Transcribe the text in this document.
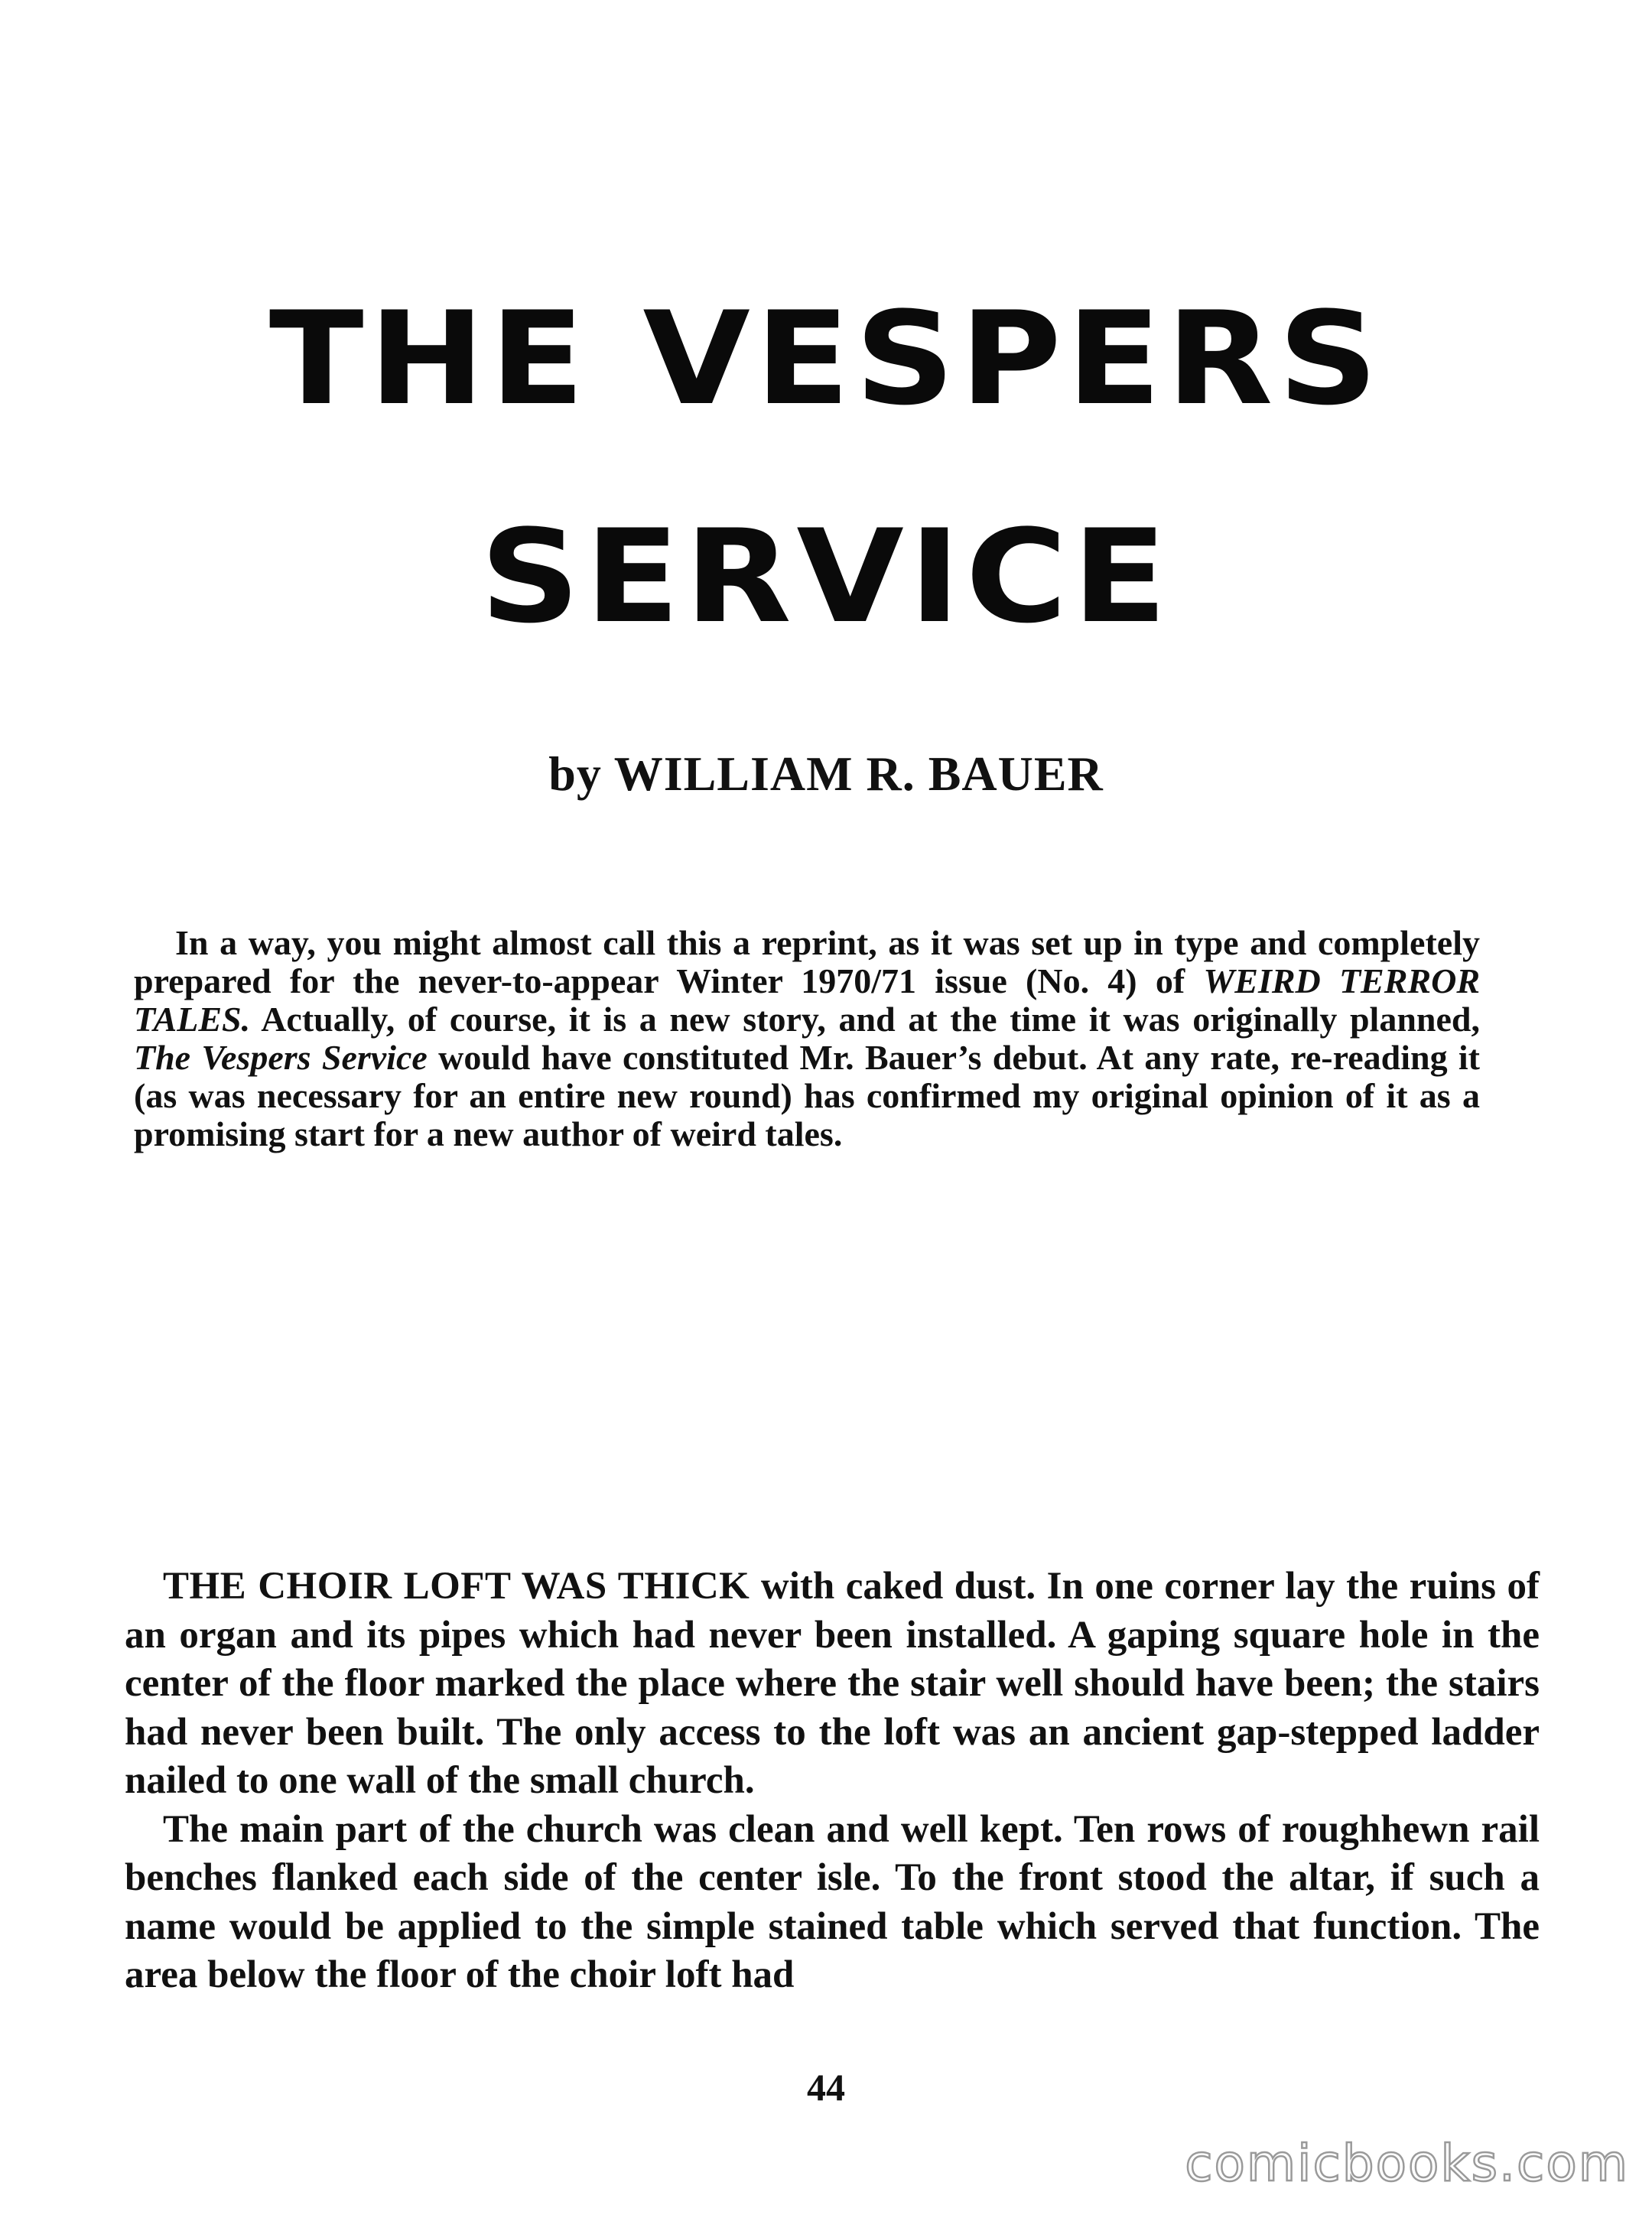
THE VESPERS
SERVICE
by WILLIAM R. BAUER
In a way, you might almost call this a reprint, as it was set up in type and completely prepared for the never-to-appear Winter 1970/71 issue (No. 4) of WEIRD TERROR TALES. Actually, of course, it is a new story, and at the time it was originally planned, The Vespers Service would have constituted Mr. Bauer’s debut. At any rate, re-reading it (as was necessary for an entire new round) has confirmed my original opinion of it as a promising start for a new author of weird tales.

THE CHOIR LOFT WAS THICK with caked dust. In one corner lay the ruins of an organ and its pipes which had never been installed. A gaping square hole in the center of the floor marked the place where the stair well should have been; the stairs had never been built. The only access to the loft was an ancient gap-stepped ladder nailed to one wall of the small church.

The main part of the church was clean and well kept. Ten rows of roughhewn rail benches flanked each side of the center isle. To the front stood the altar, if such a name would be applied to the simple stained table which served that function. The area below the floor of the choir loft had

44
comicbooks.com
